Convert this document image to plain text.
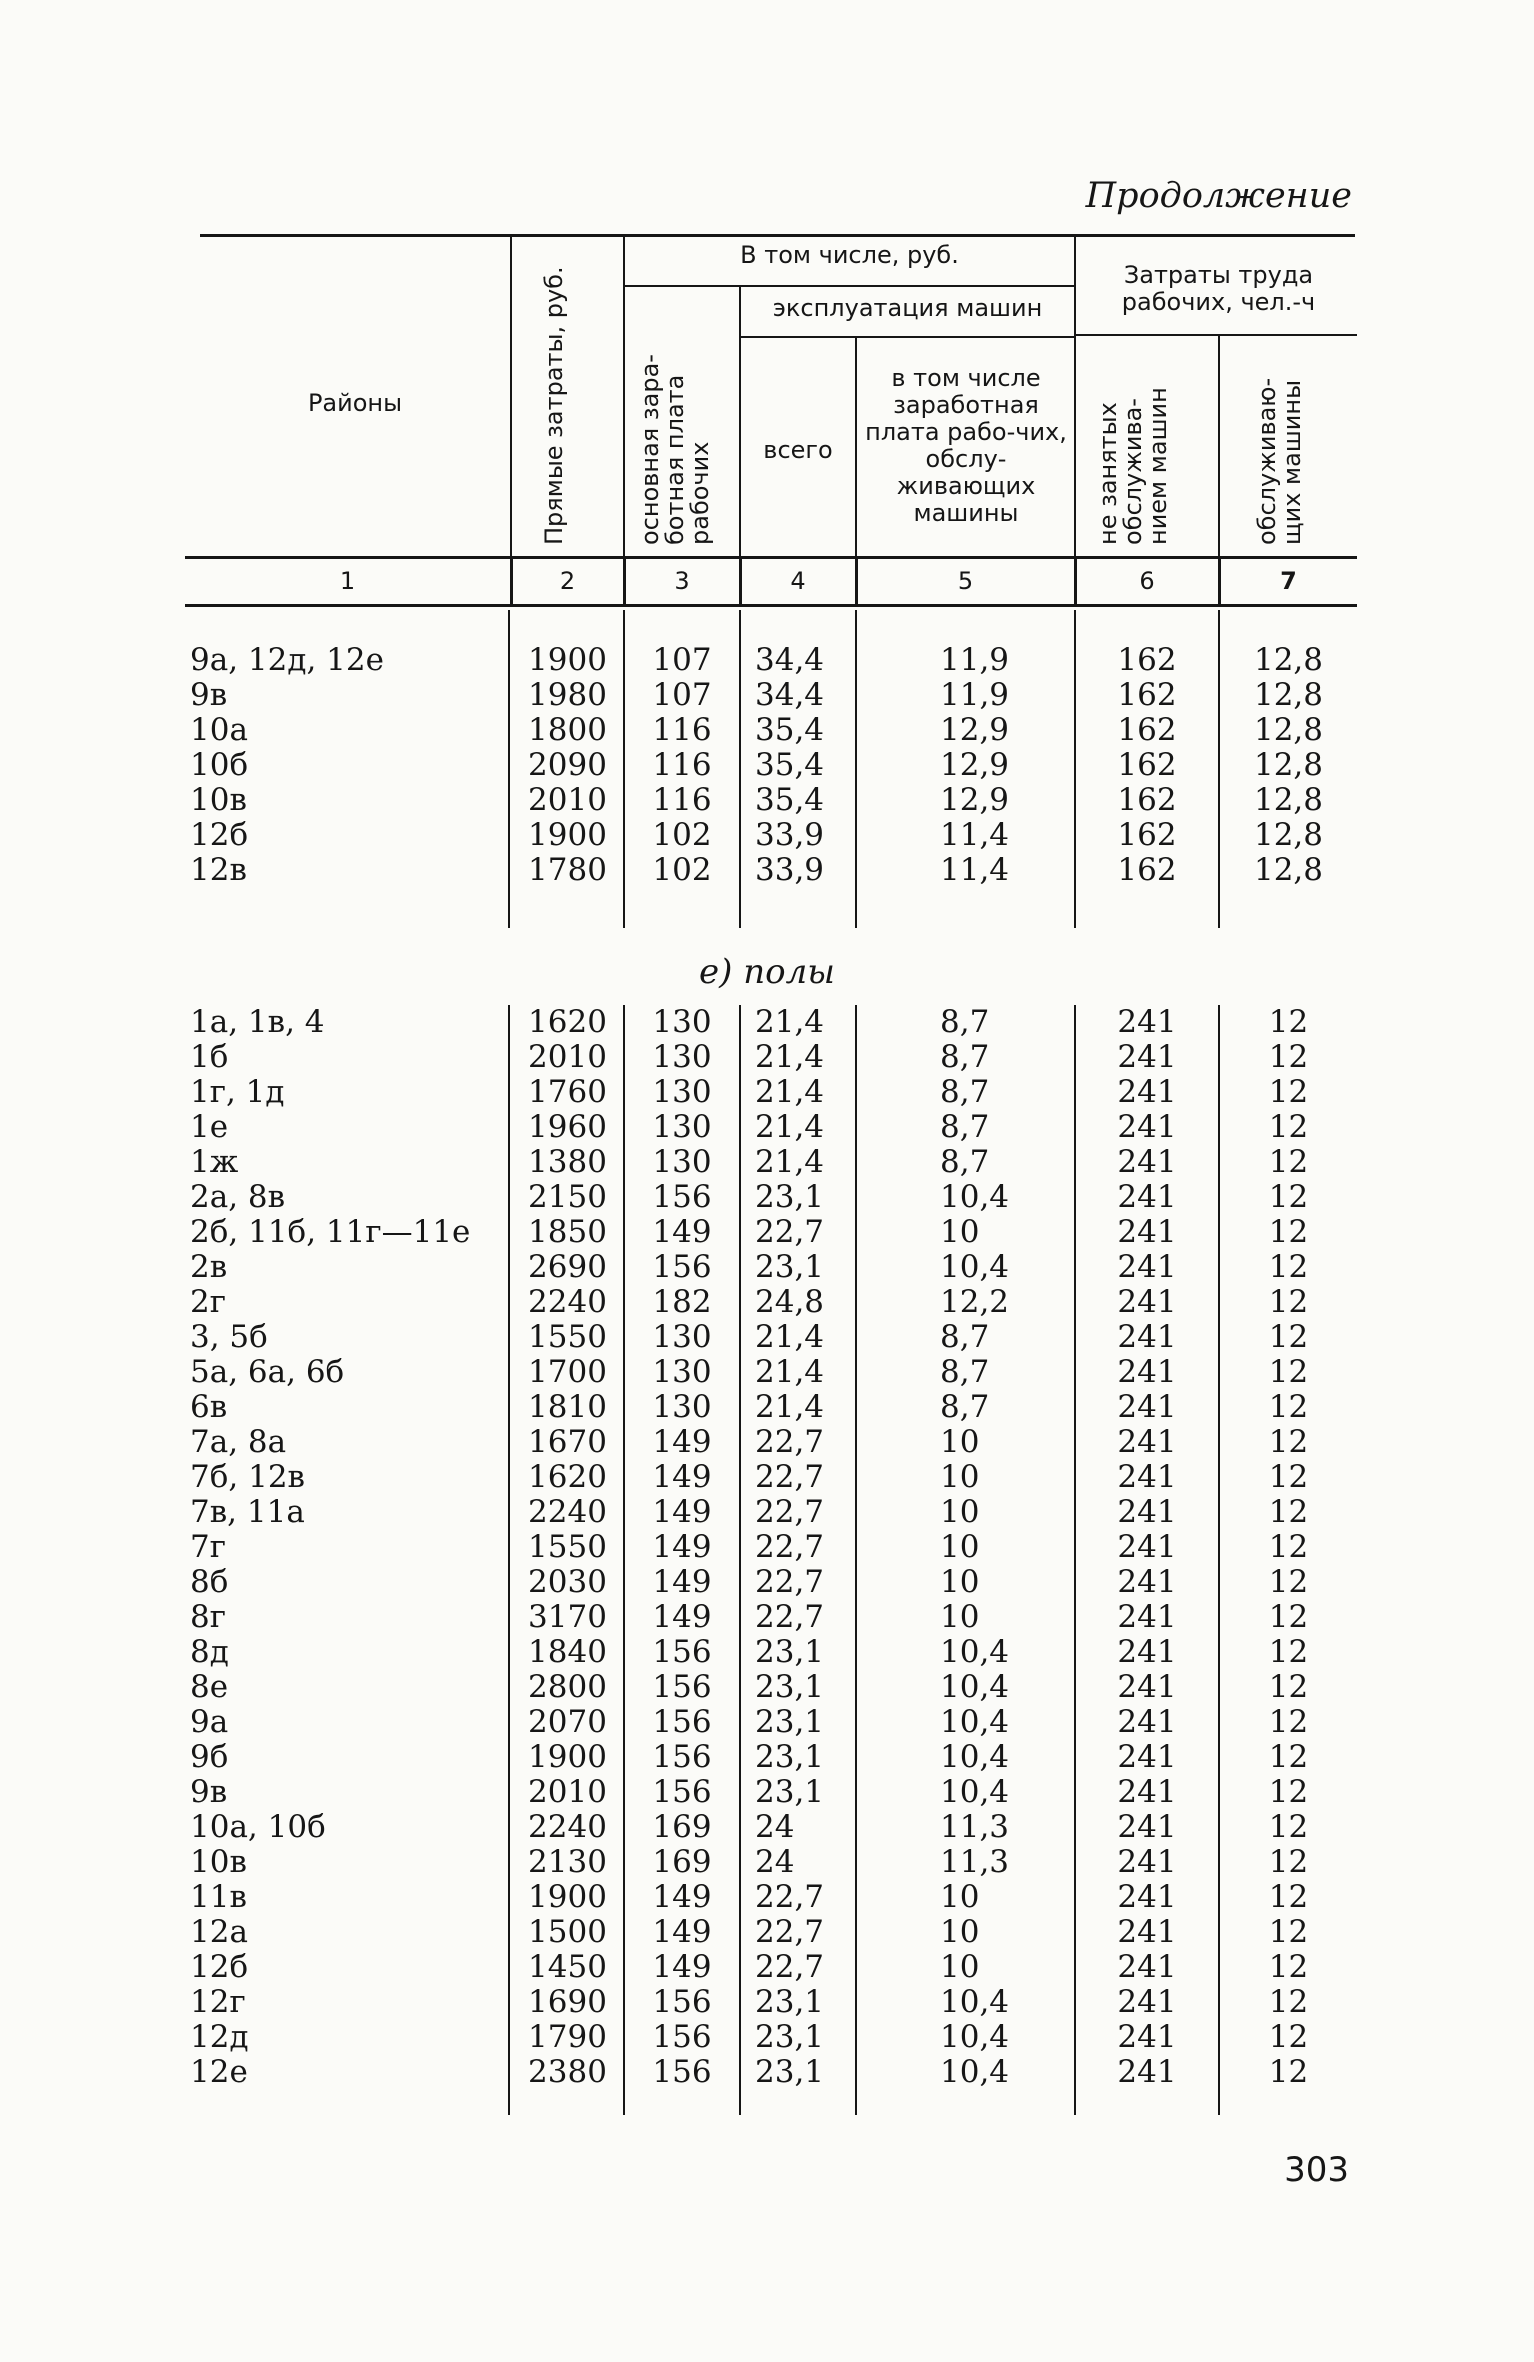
Продолжение
Районы	Прямые затраты, руб.
В том числе, руб.
основная зара-ботная плата рабочих
эксплуатация машин
всего
в том числе заработная плата рабо-чих, обслу-живающих машины
Затраты труда рабочих, чел.-ч
не занятых обслужива-нием машин	обслуживаю-щих машины
1	2	3	4	5	6	7
9а, 12д, 12е	1900	107	34,4	11,9	162	12,8
9в	1980	107	34,4	11,9	162	12,8
10а	1800	116	35,4	12,9	162	12,8
10б	2090	116	35,4	12,9	162	12,8
10в	2010	116	35,4	12,9	162	12,8
12б	1900	102	33,9	11,4	162	12,8
12в	1780	102	33,9	11,4	162	12,8
е) полы
1а, 1в, 4	1620	130	21,4	8,7	241	12
1б	2010	130	21,4	8,7	241	12
1г, 1д	1760	130	21,4	8,7	241	12
1е	1960	130	21,4	8,7	241	12
1ж	1380	130	21,4	8,7	241	12
2а, 8в	2150	156	23,1	10,4	241	12
2б, 11б, 11г—11е	1850	149	22,7	10	241	12
2в	2690	156	23,1	10,4	241	12
2г	2240	182	24,8	12,2	241	12
3, 5б	1550	130	21,4	8,7	241	12
5а, 6а, 6б	1700	130	21,4	8,7	241	12
6в	1810	130	21,4	8,7	241	12
7а, 8а	1670	149	22,7	10	241	12
7б, 12в	1620	149	22,7	10	241	12
7в, 11а	2240	149	22,7	10	241	12
7г	1550	149	22,7	10	241	12
8б	2030	149	22,7	10	241	12
8г	3170	149	22,7	10	241	12
8д	1840	156	23,1	10,4	241	12
8е	2800	156	23,1	10,4	241	12
9а	2070	156	23,1	10,4	241	12
9б	1900	156	23,1	10,4	241	12
9в	2010	156	23,1	10,4	241	12
10а, 10б	2240	169	24	11,3	241	12
10в	2130	169	24	11,3	241	12
11в	1900	149	22,7	10	241	12
12а	1500	149	22,7	10	241	12
12б	1450	149	22,7	10	241	12
12г	1690	156	23,1	10,4	241	12
12д	1790	156	23,1	10,4	241	12
12е	2380	156	23,1	10,4	241	12
303
